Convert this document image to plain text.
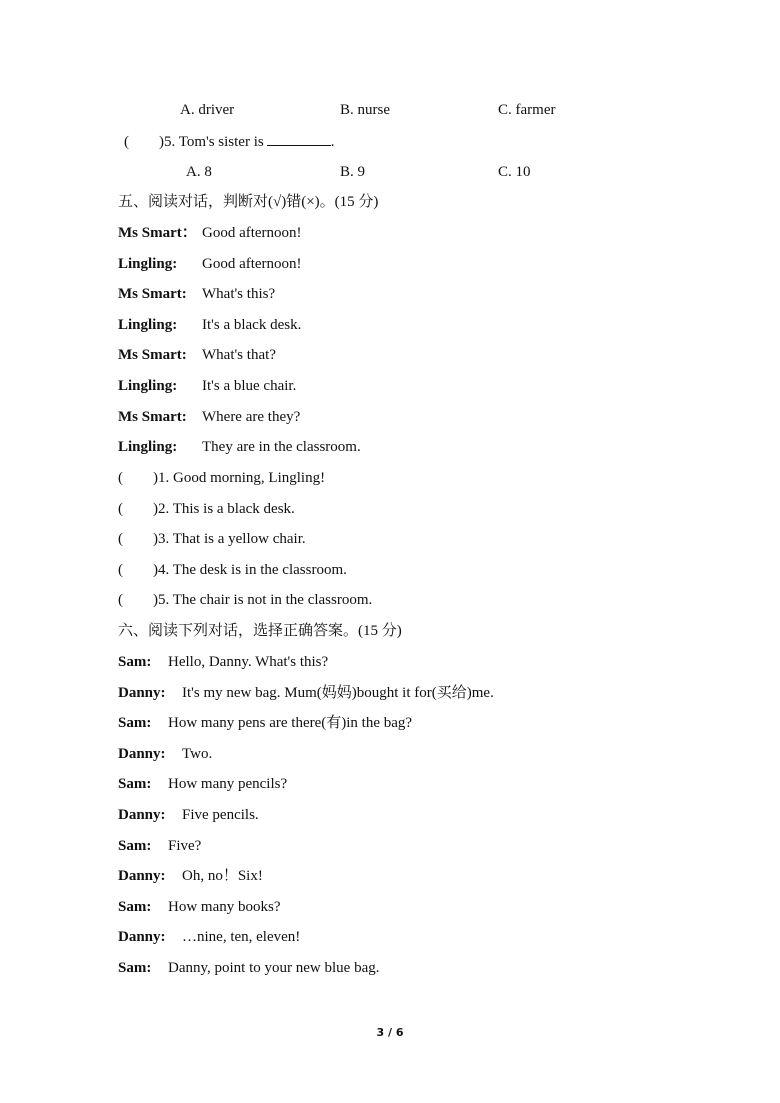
A. driver	B. nurse	C. farmer
(        )5. Tom's sister is	.
A. 8	B. 9	C. 10
五、阅读对话，判断对(√)错(×)。(15 分)
Ms Smart： Good afternoon!
Lingling: Good afternoon!
Ms Smart: What's this?
Lingling: It's a black desk.
Ms Smart: What's that?
Lingling: It's a blue chair.
Ms Smart: Where are they?
Lingling: They are in the classroom.
(        )1. Good morning, Lingling!
(        )2. This is a black desk.
(        )3. That is a yellow chair.
(        )4. The desk is in the classroom.
(        )5. The chair is not in the classroom.
六、阅读下列对话，选择正确答案。(15 分)
Sam: Hello, Danny. What's this?
Danny: It's my new bag. Mum(妈妈)bought it for(买给)me.
Sam: How many pens are there(有)in the bag?
Danny: Two.
Sam: How many pencils?
Danny: Five pencils.
Sam: Five?
Danny: Oh, no！Six!
Sam: How many books?
Danny: …nine, ten, eleven!
Sam: Danny, point to your new blue bag.
3 / 6
